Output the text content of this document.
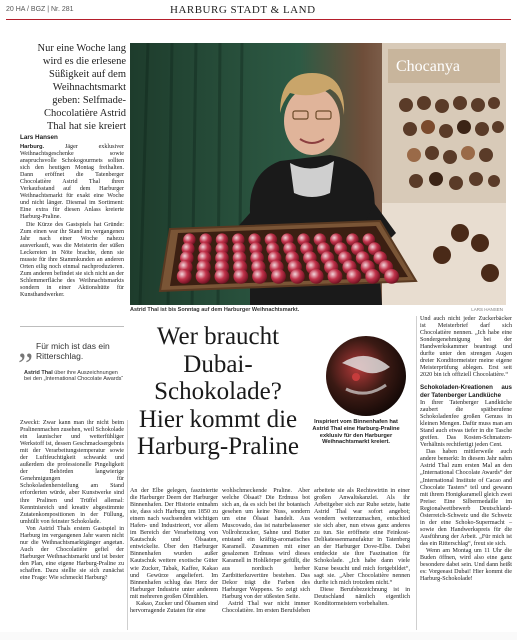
20 HA / BGZ | Nr. 281	HARBURG STADT & LAND
Nur eine Woche lang wird es die erlesene Süßigkeit auf dem Weihnachtsmarkt geben: Selfmade-Chocolatière Astrid Thal hat sie kreiert
Chocanya
Astrid Thal ist bis Sonntag auf dem Harburger Weihnachtsmarkt.	LARS HANSEN
Lars Hansen

Harburg. Jäger exklusiver Weihnachtsgeschenke sowie anspruchsvolle Schokogourmets sollten sich den heutigen Montag freihalten. Dann eröffnet die Tatenberger Chocolatière Astrid Thal ihren Verkaufsstand auf dem Harburger Weihnachtsmarkt für exakt eine Woche und nicht länger. Diesmal im Sortiment: Eine extra für diesen Anlass kreierte Harburg-Praline.

Die Kürze des Gastspiels hat Gründe: Zum einen war ihr Stand im vergangenen Jahr nach einer Woche nahezu ausverkauft, was die Meisterin der süßen Leckereien in Nöte brachte, denn sie musste für ihre Stammkunden an anderen Orten eilig noch einmal nachproduzieren. Zum anderen befindet sie sich nicht an der Schlemmerfläche des Weihnachtsmarkts sondern in einer Aktionshütte für Kunsthandwerker.

„ Für mich ist das ein Ritterschlag.
Astrid Thal über ihre Auszeichnungen bei den „International Chocolate Awards“
Wer braucht Dubai-Schokolade? Hier kommt die Harburg-Praline
Inspiriert vom Binnenhafen hat Astrid Thal eine Harburg-Praline exklusiv für den Harburger Weihnachtsmarkt kreiert.

Zweckt: Zwar kann man ihr nicht beim Pralinenmachen zusehen, weil Schokolade ein launischer und wetterfühliger Werkstoff ist, dessen Geschmacksergebnis mit der Verarbeitungstemperatur sowie der Luftfeuchtigkeit schwankt und außerdem die professionelle Pingeligkeit der Behörden langwierige Genehmigungen für Schokoladenherstellung am Stand erforderten würde, aber Kunstwerke sind ihre Pralinen und Trüffel allemal: Kenntnisreich und kreativ abgestimmte Zutatenkompositionen in der Füllung, umhüllt von feinster Schokolade.

Von Astrid Thals erstem Gastspiel in Harburg im vergangenen Jahr waren nicht nur die Weihnachtsmarktgänger angetan. Auch der Chocolatière gefiel der Harburger Weihnachtsmarkt und ist bester den Plan, eine eigene Harburg-Praline zu schaffen. Dazu stellte sie sich zunächst eine Frage: Wie schmeckt Harburg?

An der Elbe gelegen, fasziniertte die Harburger Deern der Harburger Binnenhafen. Der Historie entnahm sie, dass sich Harburg um 1850 zu einem nach wachsenden wichtigen Hafen- und Industrieort, vor allem im Bereich der Verarbeitung von Kautschuk und Ölsaaten, entwickelte. Über den Harburger Binnenhafen wurden außer Kautschuk weitere exotische Güter wie Zucker, Tabak, Kaffee, Kakao und Gewürze angeliefert. Im Binnenhafen schlug das Herz der Harburger Industrie unter anderem mit mehreren großen Ölmühlen.

Kakao, Zucker und Ölsamen sind hervorragende Zutaten für eine

wohlschmeckende Praline. Aber welche Ölsaat? Die Erdnuss bot sich an, da es sich bei ihr botanisch gesehen um keine Nuss, sondern um eine Ölsaat handelt. Aus Muscovado, das ist naturbelassener Vollrohrzucker, Sahne und Butter entstand ein kräftig-aromatisches Karamell. Zusammen mit einer gesalzenen Erdnuss wird dieses Karamell in Hohlkörper gefüllt, die aus nordisch herber Zartbitterkuvertüre bestehen. Das Dekor trägt die Farben des Harburger Wappens. So zeigt sich Harburg von der süßesten Seite.

Astrid Thal war nicht immer Chocolatière. Im ersten Berufsleben

arbeitete sie als Rechtswirtin in einer großen Anwaltskanzlei. Als ihr Arbeitgeber sich zur Ruhe setzte, hatte Astrid Thal war sofort angebot; wondern weiterzumachen, entschied sie sich aber, nun etwas ganz anderes zu tun. Sie eröffnete eine Feinkost-Delikatessenmanufaktur in Tatenberg an der Harburger Dove-Elbe. Dabei entdeckte sie ihre Faszination für Schokolade. „Ich habe dann viele Kurse besucht und mich fortgebildet“, sagt sie. „Aber Chocolatière nennen durfte ich mich trotzdem nicht.“

Diese Berufsbezeichnung ist in Deutschland nämlich eigentlich Konditormeistern vorbehalten.

Und auch nicht jeder Zuckerbäcker ist Meisterbrief darf sich Chocolatière nennen. „Ich habe eine Sondergenehmigung bei der Handwerkskammer beantragt und durfte unter den strengen Augen dreier Konditormeister meine eigene Meisterprüfung ablegen. Erst seit 2020 bin ich offiziell Chocolatière.“

Schokoladen-Kreationen aus der Tatenberger Landküche

In ihrer Tatenberger Landküche zaubert die spätberufene Schokoladenfee großen Genuss in kleinen Mengen. Dafür muss man am Stand auch etwas tiefer in die Tasche greifen. Das Kosten-Schmatzen-Verhältnis rechtfertigt jeden Cent.

Das haben mittlerweile auch andere bemerkt: In diesem Jahr nahm Astrid Thal zum ersten Mal an den „International Chocolate Awards“ der „International Institute of Cacao and Chocolate Tasters“ teil und gewann mit ihrem Honigkaramell gleich zwei Preise: Eine Silbermedaille im Regionalwettbewerb Deutschland-Österreich-Schweiz und die Schweiz in der eine Schoko-Supermacht – sowie den Handwerkspreis für die Ausführung der Arbeit. „Für mich ist das ein Ritterschlag“, freut sie sich.

Wenn am Montag um 11 Uhr die Buden öffnen, wird also eine ganz besondere dabei sein. Und dann heißt es: Vorgeeast Dubai! Hier kommt die Harburg-Schokolade!
